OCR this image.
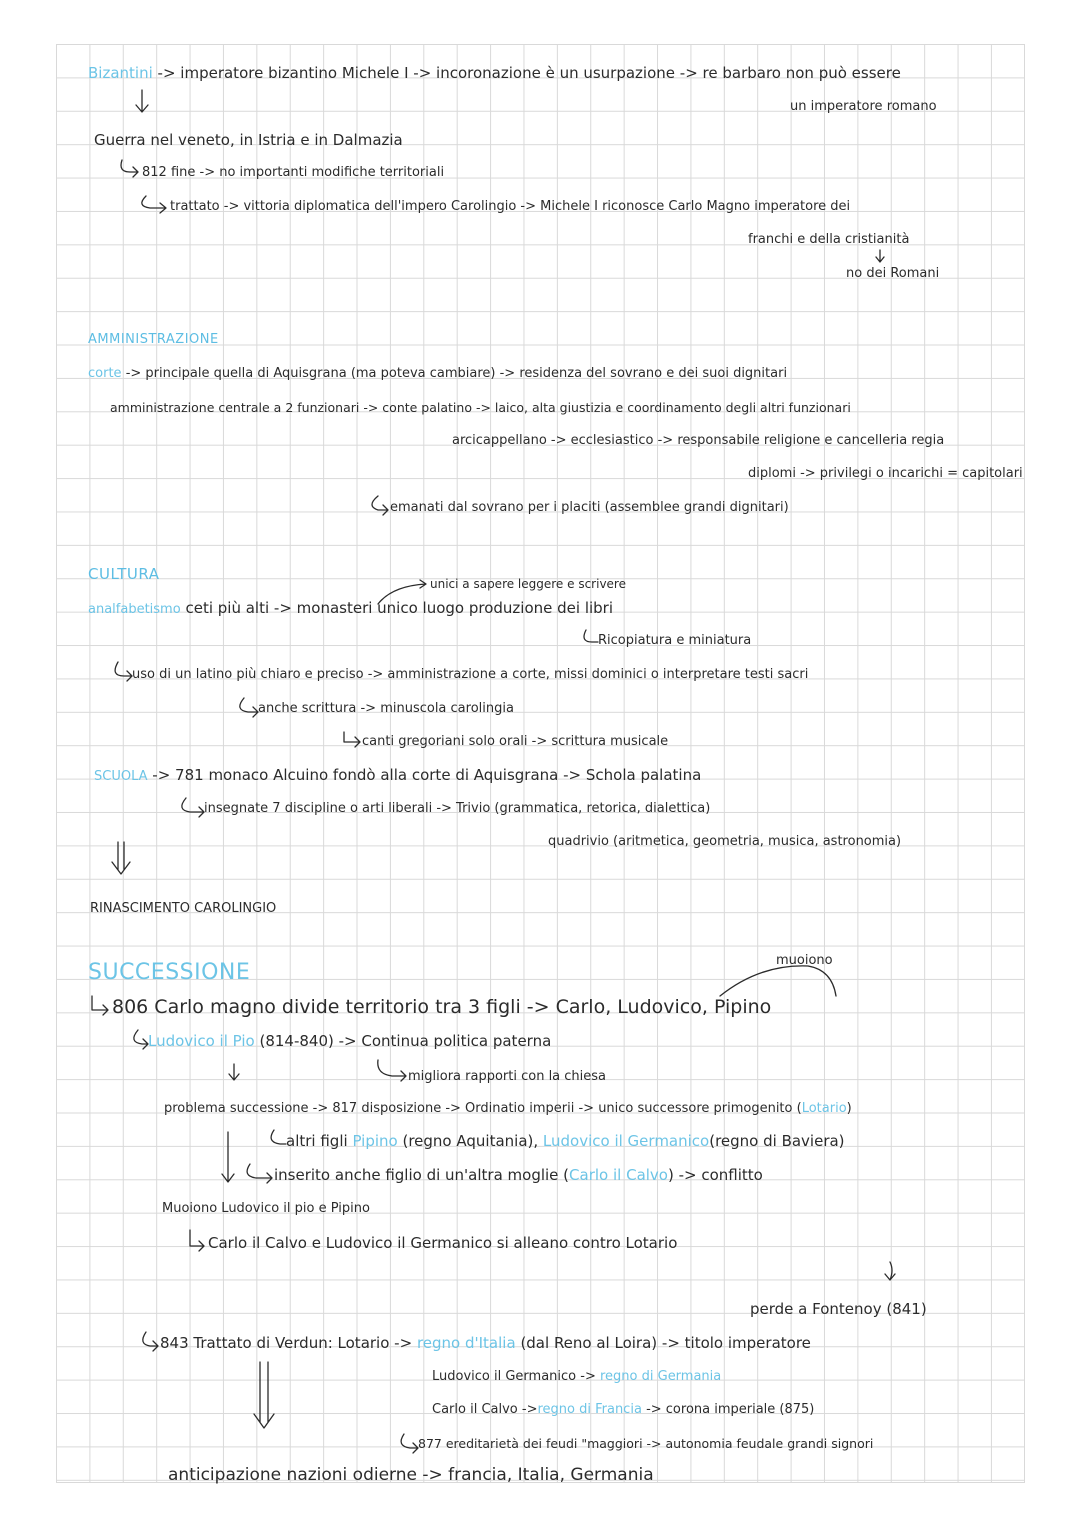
Bizantini -> imperatore bizantino Michele I -> incoronazione è un usurpazione -> re barbaro non può essere
un imperatore romano
Guerra nel veneto, in Istria e in Dalmazia
812 fine -> no importanti modifiche territoriali
trattato -> vittoria diplomatica dell'impero Carolingio -> Michele I riconosce Carlo Magno imperatore dei
franchi e della cristianità
no dei Romani
AMMINISTRAZIONE
corte -> principale quella di Aquisgrana (ma poteva cambiare) -> residenza del sovrano e dei suoi dignitari
amministrazione centrale a 2 funzionari -> conte palatino -> laico, alta giustizia e coordinamento degli altri funzionari
arcicappellano -> ecclesiastico -> responsabile religione e cancelleria regia
diplomi -> privilegi o incarichi = capitolari
emanati dal sovrano per i placiti (assemblee grandi dignitari)
CULTURA
unici a sapere leggere e scrivere
analfabetismo ceti più alti -> monasteri unico luogo produzione dei libri
Ricopiatura e miniatura
uso di un latino più chiaro e preciso -> amministrazione a corte, missi dominici o interpretare testi sacri
anche scrittura -> minuscola carolingia
canti gregoriani solo orali -> scrittura musicale
SCUOLA -> 781 monaco Alcuino fondò alla corte di Aquisgrana -> Schola palatina
insegnate 7 discipline o arti liberali -> Trivio (grammatica, retorica, dialettica)
quadrivio (aritmetica, geometria, musica, astronomia)
RINASCIMENTO CAROLINGIO
SUCCESSIONE	muoiono
806 Carlo magno divide territorio tra 3 figli -> Carlo, Ludovico, Pipino
Ludovico il Pio (814-840) -> Continua politica paterna
migliora rapporti con la chiesa
problema successione -> 817 disposizione -> Ordinatio imperii -> unico successore primogenito (Lotario)
altri figli Pipino (regno Aquitania), Ludovico il Germanico(regno di Baviera)
inserito anche figlio di un'altra moglie (Carlo il Calvo) -> conflitto
Muoiono Ludovico il pio e Pipino
Carlo il Calvo e Ludovico il Germanico si alleano contro Lotario
perde a Fontenoy (841)
843 Trattato di Verdun: Lotario -> regno d'Italia (dal Reno al Loira) -> titolo imperatore
Ludovico il Germanico -> regno di Germania
Carlo il Calvo ->regno di Francia -> corona imperiale (875)
877 ereditarietà dei feudi "maggiori -> autonomia feudale grandi signori
anticipazione nazioni odierne -> francia, Italia, Germania
